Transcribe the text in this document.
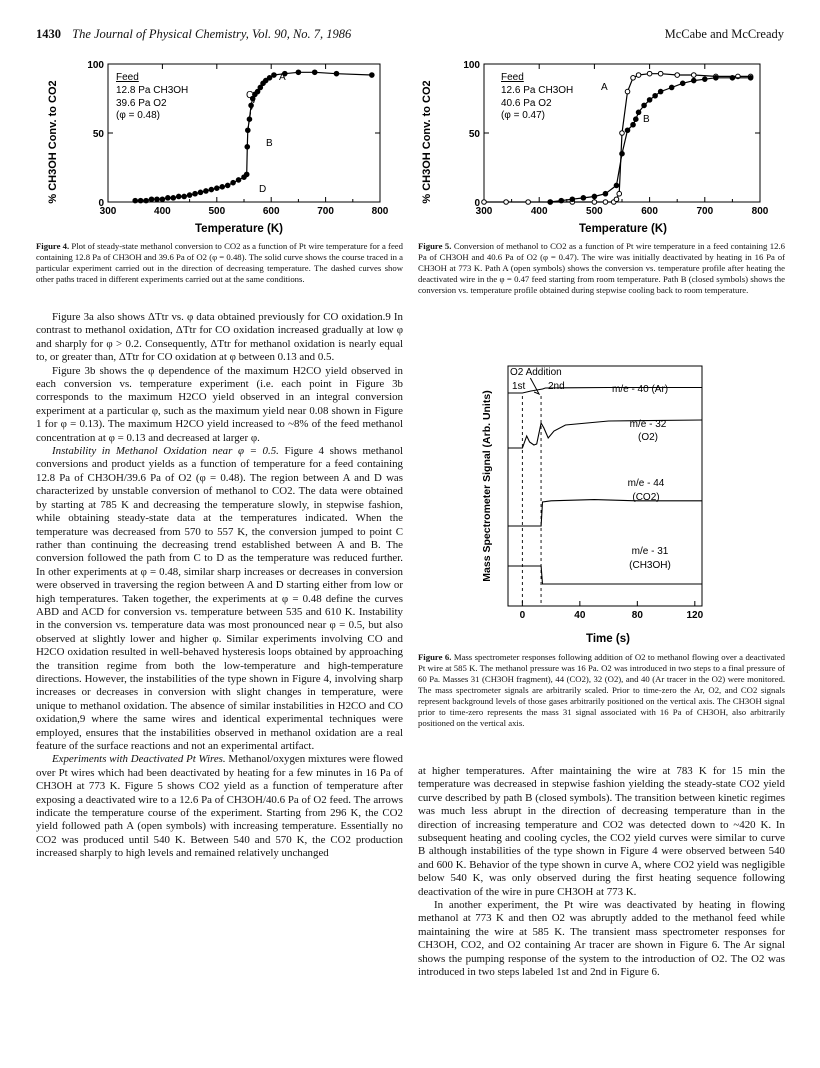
1430 The Journal of Physical Chemistry, Vol. 90, No. 7, 1986	McCabe and McCready
300	400	500	600	700	800
0
50
100
Temperature (K)
% CH3OH Conv. to CO2
Feed
12.8 Pa CH3OH
39.6 Pa O2
(φ = 0.48)
A
B
C
D
Figure 4. Plot of steady-state methanol conversion to CO2 as a function of Pt wire temperature for a feed containing 12.8 Pa of CH3OH and 39.6 Pa of O2 (φ = 0.48). The solid curve shows the course traced in a particular experiment carried out in the direction of decreasing temperature. The dashed curves show other paths traced in different experiments carried out at the same conditions.

Figure 3a also shows ΔTtr vs. φ data obtained previously for CO oxidation.9 In contrast to methanol oxidation, ΔTtr for CO oxidation increased gradually at low φ and sharply for φ > 0.2. Consequently, ΔTtr for methanol oxidation is nearly equal to, or greater than, ΔTtr for CO oxidation at φ between 0.13 and 0.5.

Figure 3b shows the φ dependence of the maximum H2CO yield observed in each conversion vs. temperature experiment (i.e. each point in Figure 3b corresponds to the maximum H2CO yield observed in an integral conversion experiment at a particular φ, such as the maximum yield near 0.08 shown in Figure 1 for φ = 0.13). The maximum H2CO yield increased to ~8% of the feed methanol concentration at φ = 0.13 and decreased at larger φ.

Instability in Methanol Oxidation near φ = 0.5. Figure 4 shows methanol conversions and product yields as a function of temperature for a feed containing 12.8 Pa of CH3OH/39.6 Pa of O2 (φ = 0.48). The region between A and D was characterized by unstable conversion of methanol to CO2. The data were obtained by starting at 785 K and decreasing the temperature slowly, in stepwise fashion, while obtaining steady-state data at the temperatures indicated. When the temperature was decreased from 570 to 557 K, the conversion jumped to point C rather than continuing the decreasing trend established between A and B. The conversion followed the path from C to D as the temperature was reduced further. In other experiments at φ = 0.48, similar sharp increases or decreases in conversion were observed in traversing the region between A and D starting either from low or high temperatures. Taken together, the experiments at φ = 0.48 define the curves ABD and ACD for conversion vs. temperature between 535 and 610 K. Instability in the conversion vs. temperature data was most pronounced near φ = 0.5, but also observed at slightly lower and higher φ. Similar experiments involving CO and H2CO oxidation resulted in well-behaved hysteresis loops obtained by approaching the transition regime from both the low-temperature and high-temperature directions. However, the instabilities of the type shown in Figure 4, involving sharp increases or decreases in conversion with slight changes in temperature, were unique to methanol oxidation. The absence of similar instabilities in H2CO and CO oxidation,9 where the same wires and identical experimental techniques were employed, ensures that the instabilities observed in methanol oxidation are a real feature of the surface reactions and not an experimental artifact.

Experiments with Deactivated Pt Wires. Methanol/oxygen mixtures were flowed over Pt wires which had been deactivated by heating for a few minutes in 16 Pa of CH3OH at 773 K. Figure 5 shows CO2 yield as a function of temperature after exposing a deactivated wire to a 12.6 Pa of CH3OH/40.6 Pa of O2 feed. The arrows indicate the temperature course of the experiment. Starting from 296 K, the CO2 yield followed path A (open symbols) with increasing temperature. Essentially no CO2 was produced until 540 K. Between 540 and 570 K, the CO2 production increased sharply to high levels and remained relatively unchanged

300	400	500	600	700	800
0
50
100
Temperature (K)
% CH3OH Conv. to CO2
Feed
12.6 Pa CH3OH
40.6 Pa O2
(φ = 0.47)
A
B
Figure 5. Conversion of methanol to CO2 as a function of Pt wire temperature in a feed containing 12.6 Pa of CH3OH and 40.6 Pa of O2 (φ = 0.47). The wire was initially deactivated by heating in 16 Pa of CH3OH at 773 K. Path A (open symbols) shows the conversion vs. temperature profile after heating the deactivated wire in the φ = 0.47 feed starting from room temperature. Path B (closed symbols) shows the conversion vs. temperature profile obtained during stepwise cooling back to room temperature.
0	40	80	120
Time (s)
Mass Spectrometer Signal (Arb. Units)
O2 Addition
1st 2nd	m/e - 40 (Ar)
m/e - 32
(O2)
m/e - 44
(CO2)
m/e - 31
(CH3OH)
Figure 6. Mass spectrometer responses following addition of O2 to methanol flowing over a deactivated Pt wire at 585 K. The methanol pressure was 16 Pa. O2 was introduced in two steps to a final pressure of 60 Pa. Masses 31 (CH3OH fragment), 44 (CO2), 32 (O2), and 40 (Ar tracer in the O2) were monitored. The mass spectrometer signals are arbitrarily scaled. Prior to time-zero the Ar, O2, and CO2 signals represent background levels of those gases arbitrarily positioned on the vertical axis. The CH3OH signal prior to time-zero represents the mass 31 signal associated with 16 Pa of CH3OH, also arbitrarily positioned on the vertical axis.

at higher temperatures. After maintaining the wire at 783 K for 15 min the temperature was decreased in stepwise fashion yielding the steady-state CO2 yield curve described by path B (closed symbols). The transition between kinetic regimes was much less abrupt in the direction of decreasing temperature than in the direction of increasing temperature and CO2 was detected down to ~420 K. In subsequent heating and cooling cycles, the CO2 yield curves were similar to curve B although instabilities of the type shown in Figure 4 were observed between 540 and 600 K. Behavior of the type shown in curve A, where CO2 yield was negligible below 540 K, was only observed during the first heating sequence following deactivation of the wire in pure CH3OH at 773 K.

In another experiment, the Pt wire was deactivated by heating in flowing methanol at 773 K and then O2 was abruptly added to the methanol feed while maintaining the wire at 585 K. The transient mass spectrometer responses for CH3OH, CO2, and O2 containing Ar tracer are shown in Figure 6. The Ar signal shows the pumping response of the system to the introduction of O2. The O2 was introduced in two steps labeled 1st and 2nd in Figure 6.
